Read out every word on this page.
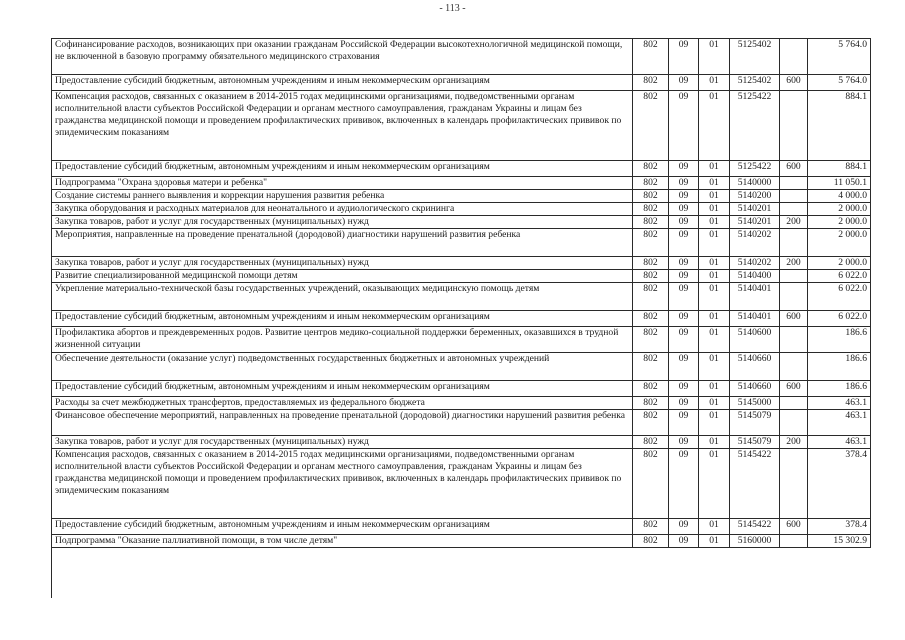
- 113 -
Софинансирование расходов, возникающих при оказании гражданам Российской Федерации высокотехнологичной медицинской помощи, не включенной в базовую программу обязательного медицинского страхования	802	09	01	5125402		5 764.0
Предоставление субсидий бюджетным, автономным учреждениям и иным некоммерческим организациям	802	09	01	5125402	600	5 764.0
Компенсация расходов, связанных с оказанием в 2014-2015 годах медицинскими организациями, подведомственными органам исполнительной власти субъектов Российской Федерации и органам местного самоуправления, гражданам Украины и лицам без гражданства медицинской помощи и проведением профилактических прививок, включенных в календарь профилактических прививок по эпидемическим показаниям	802	09	01	5125422		884.1
Предоставление субсидий бюджетным, автономным учреждениям и иным некоммерческим организациям	802	09	01	5125422	600	884.1
Подпрограмма "Охрана здоровья матери и ребенка"	802	09	01	5140000		11 050.1
Создание системы раннего выявления и коррекции нарушения развития ребенка	802	09	01	5140200		4 000.0
Закупка оборудования и расходных материалов для неонатального и аудиологического скрининга	802	09	01	5140201		2 000.0
Закупка товаров, работ и услуг для государственных (муниципальных) нужд	802	09	01	5140201	200	2 000.0
Мероприятия, направленные на проведение пренатальной (дородовой) диагностики нарушений развития ребенка	802	09	01	5140202		2 000.0
Закупка товаров, работ и услуг для государственных (муниципальных) нужд	802	09	01	5140202	200	2 000.0
Развитие специализированной медицинской помощи детям	802	09	01	5140400		6 022.0
Укрепление материально-технической базы государственных учреждений, оказывающих медицинскую помощь детям	802	09	01	5140401		6 022.0
Предоставление субсидий бюджетным, автономным учреждениям и иным некоммерческим организациям	802	09	01	5140401	600	6 022.0
Профилактика абортов и преждевременных родов. Развитие центров медико-социальной поддержки беременных, оказавшихся в трудной жизненной ситуации	802	09	01	5140600		186.6
Обеспечение деятельности (оказание услуг) подведомственных государственных бюджетных и автономных учреждений	802	09	01	5140660		186.6
Предоставление субсидий бюджетным, автономным учреждениям и иным некоммерческим организациям	802	09	01	5140660	600	186.6
Расходы за счет межбюджетных трансфертов, предоставляемых из федерального бюджета	802	09	01	5145000		463.1
Финансовое обеспечение мероприятий, направленных на проведение пренатальной (дородовой) диагностики нарушений развития ребенка	802	09	01	5145079		463.1
Закупка товаров, работ и услуг для государственных (муниципальных) нужд	802	09	01	5145079	200	463.1
Компенсация расходов, связанных с оказанием в 2014-2015 годах медицинскими организациями, подведомственными органам исполнительной власти субъектов Российской Федерации и органам местного самоуправления, гражданам Украины и лицам без гражданства медицинской помощи и проведением профилактических прививок, включенных в календарь профилактических прививок по эпидемическим показаниям	802	09	01	5145422		378.4
Предоставление субсидий бюджетным, автономным учреждениям и иным некоммерческим организациям	802	09	01	5145422	600	378.4
Подпрограмма "Оказание паллиативной помощи, в том числе детям"	802	09	01	5160000		15 302.9
